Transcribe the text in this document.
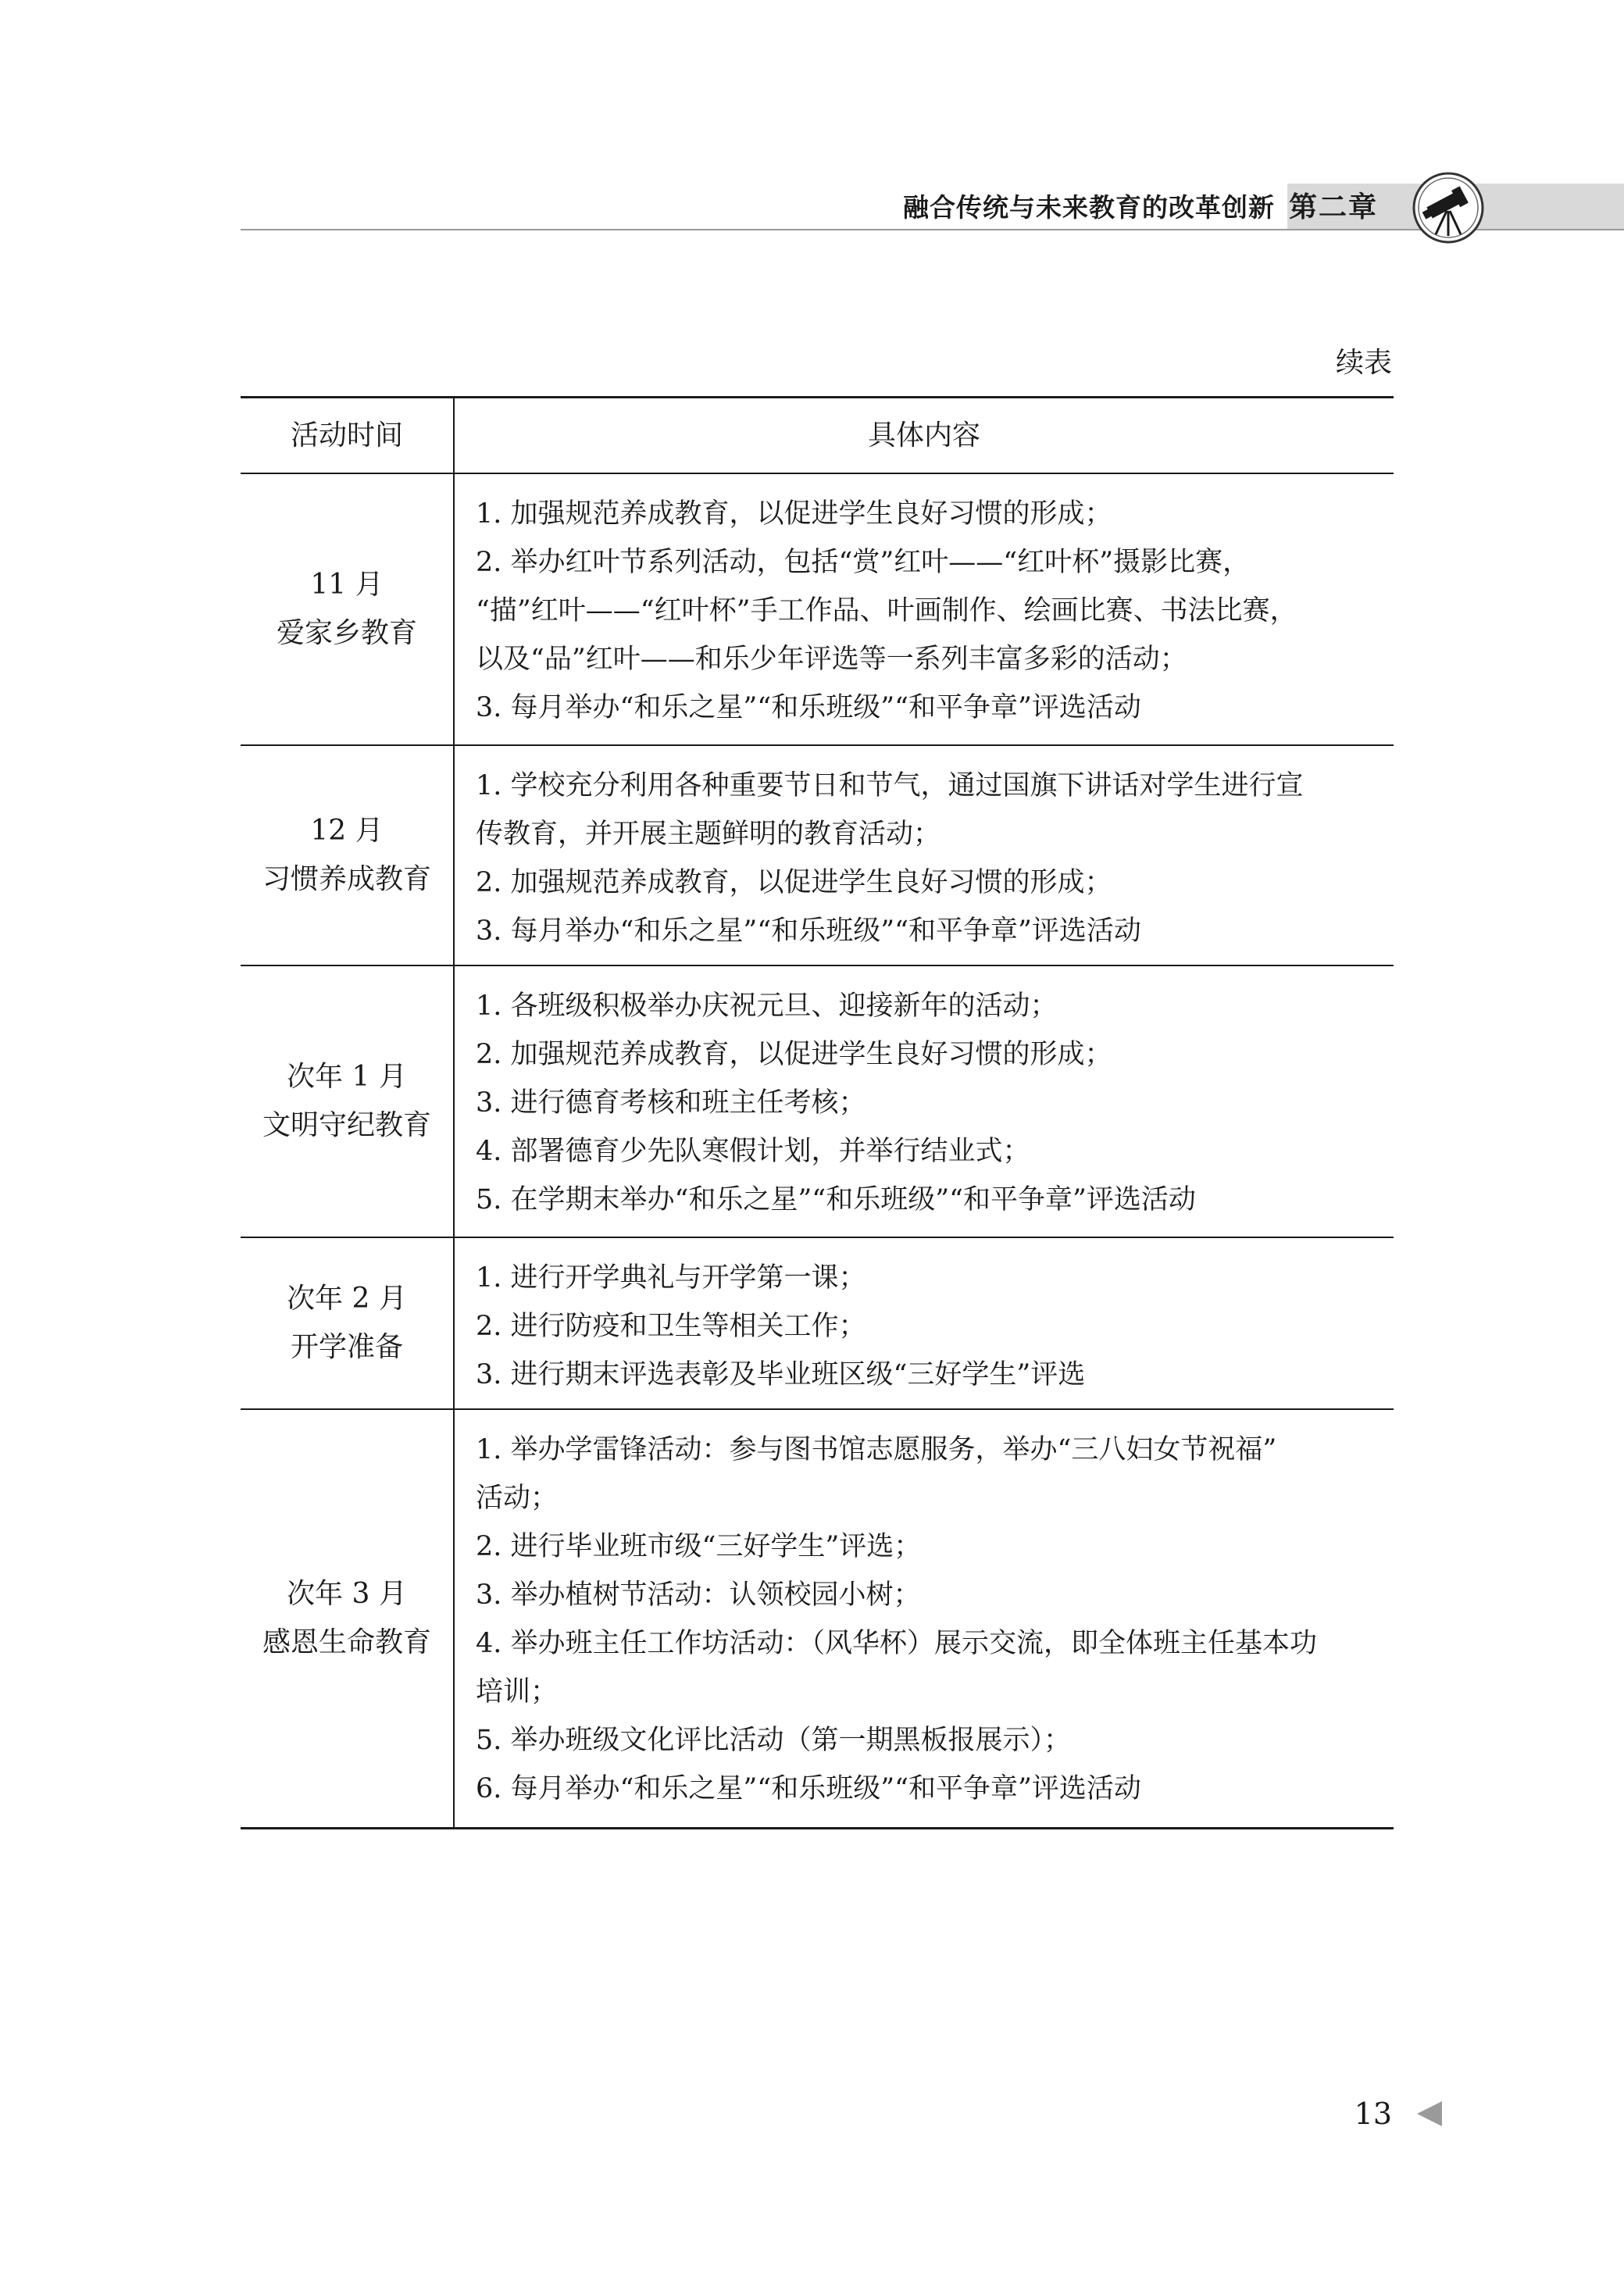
融合传统与未来教育的改革创新 第二章
续表
活动时间	具体内容
11 月
爱家乡教育
1. 加强规范养成教育，以促进学生良好习惯的形成；
2. 举办红叶节系列活动，包括“赏”红叶——“红叶杯”摄影比赛，
“描”红叶——“红叶杯”手工作品、叶画制作、绘画比赛、书法比赛，
以及“品”红叶——和乐少年评选等一系列丰富多彩的活动；
3. 每月举办“和乐之星”“和乐班级”“和平争章”评选活动
12 月
习惯养成教育
1. 学校充分利用各种重要节日和节气，通过国旗下讲话对学生进行宣
传教育，并开展主题鲜明的教育活动；
2. 加强规范养成教育，以促进学生良好习惯的形成；
3. 每月举办“和乐之星”“和乐班级”“和平争章”评选活动
次年 1 月
文明守纪教育
1. 各班级积极举办庆祝元旦、迎接新年的活动；
2. 加强规范养成教育，以促进学生良好习惯的形成；
3. 进行德育考核和班主任考核；
4. 部署德育少先队寒假计划，并举行结业式；
5. 在学期末举办“和乐之星”“和乐班级”“和平争章”评选活动
次年 2 月
开学准备
1. 进行开学典礼与开学第一课；
2. 进行防疫和卫生等相关工作；
3. 进行期末评选表彰及毕业班区级“三好学生”评选
次年 3 月
感恩生命教育
1. 举办学雷锋活动：参与图书馆志愿服务，举办“三八妇女节祝福”
活动；
2. 进行毕业班市级“三好学生”评选；
3. 举办植树节活动：认领校园小树；
4. 举办班主任工作坊活动：（风华杯）展示交流，即全体班主任基本功
培训；
5. 举办班级文化评比活动（第一期黑板报展示）；
6. 每月举办“和乐之星”“和乐班级”“和平争章”评选活动
13
